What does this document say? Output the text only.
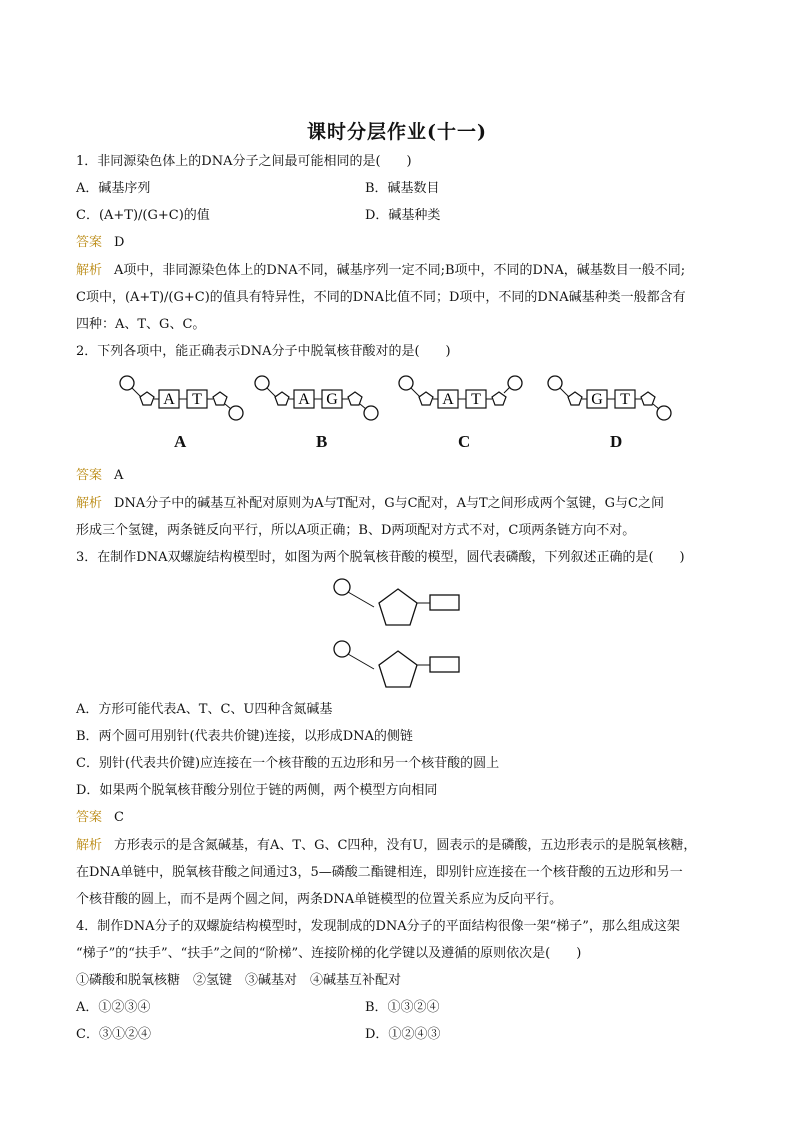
课时分层作业(十一)
1．非同源染色体上的DNA分子之间最可能相同的是(　　)
A．碱基序列	B．碱基数目
C．(A+T)/(G+C)的值	D．碱基种类
答案 D
解析 A项中，非同源染色体上的DNA不同，碱基序列一定不同;B项中，不同的DNA，碱基数目一般不同;
C项中，(A+T)/(G+C)的值具有特异性，不同的DNA比值不同；D项中，不同的DNA碱基种类一般都含有
四种：A、T、G、C。
2．下列各项中，能正确表示DNA分子中脱氧核苷酸对的是(　　)
A T
A
A G
B
A T
C
G T
D
答案 A
解析 DNA分子中的碱基互补配对原则为A与T配对，G与C配对，A与T之间形成两个氢键，G与C之间
形成三个氢键，两条链反向平行，所以A项正确；B、D两项配对方式不对，C项两条链方向不对。
3．在制作DNA双螺旋结构模型时，如图为两个脱氧核苷酸的模型，圆代表磷酸，下列叙述正确的是(　　)
A．方形可能代表A、T、C、U四种含氮碱基
B．两个圆可用别针(代表共价键)连接，以形成DNA的侧链
C．别针(代表共价键)应连接在一个核苷酸的五边形和另一个核苷酸的圆上
D．如果两个脱氧核苷酸分别位于链的两侧，两个模型方向相同
答案 C
解析 方形表示的是含氮碱基，有A、T、G、C四种，没有U，圆表示的是磷酸，五边形表示的是脱氧核糖，
在DNA单链中，脱氧核苷酸之间通过3，5—磷酸二酯键相连，即别针应连接在一个核苷酸的五边形和另一
个核苷酸的圆上，而不是两个圆之间，两条DNA单链模型的位置关系应为反向平行。
4．制作DNA分子的双螺旋结构模型时，发现制成的DNA分子的平面结构很像一架“梯子”，那么组成这架
“梯子”的“扶手”、“扶手”之间的“阶梯”、连接阶梯的化学键以及遵循的原则依次是(　　)
①磷酸和脱氧核糖　②氢键　③碱基对　④碱基互补配对
A．①②③④	B．①③②④
C．③①②④	D．①②④③
